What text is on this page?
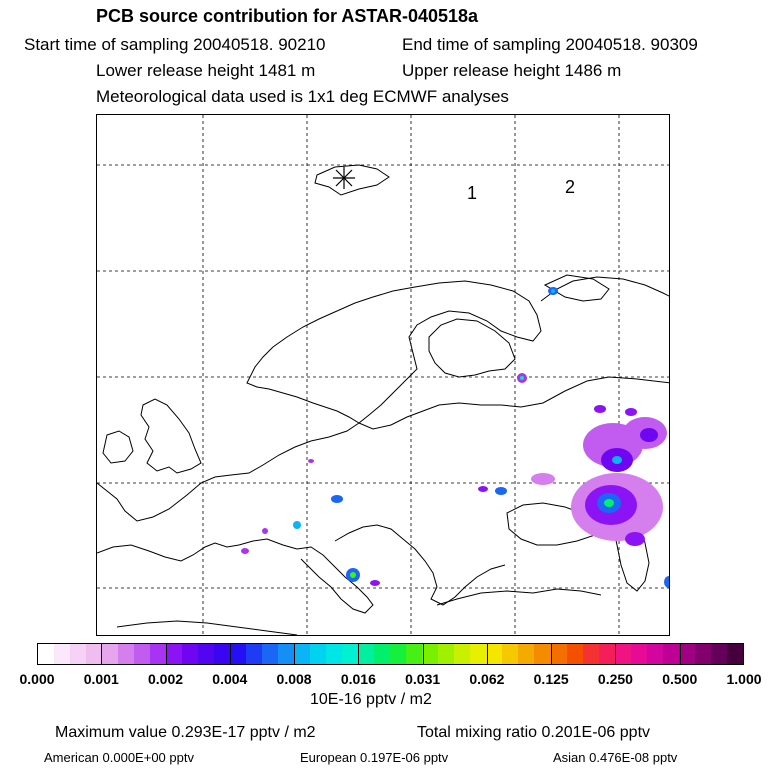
PCB source contribution for ASTAR-040518a
Start time of sampling 20040518. 90210	End time of sampling 20040518. 90309
Lower release height 1481 m	Upper release height 1486 m
Meteorological data used is 1x1 deg ECMWF analyses
1	2
0.000 0.001 0.002 0.004 0.008 0.016 0.031 0.062 0.125 0.250 0.500 1.000
10E-16 pptv / m2
Maximum value 0.293E-17 pptv / m2	Total mixing ratio 0.201E-06 pptv
American 0.000E+00 pptv	European 0.197E-06 pptv	Asian 0.476E-08 pptv
